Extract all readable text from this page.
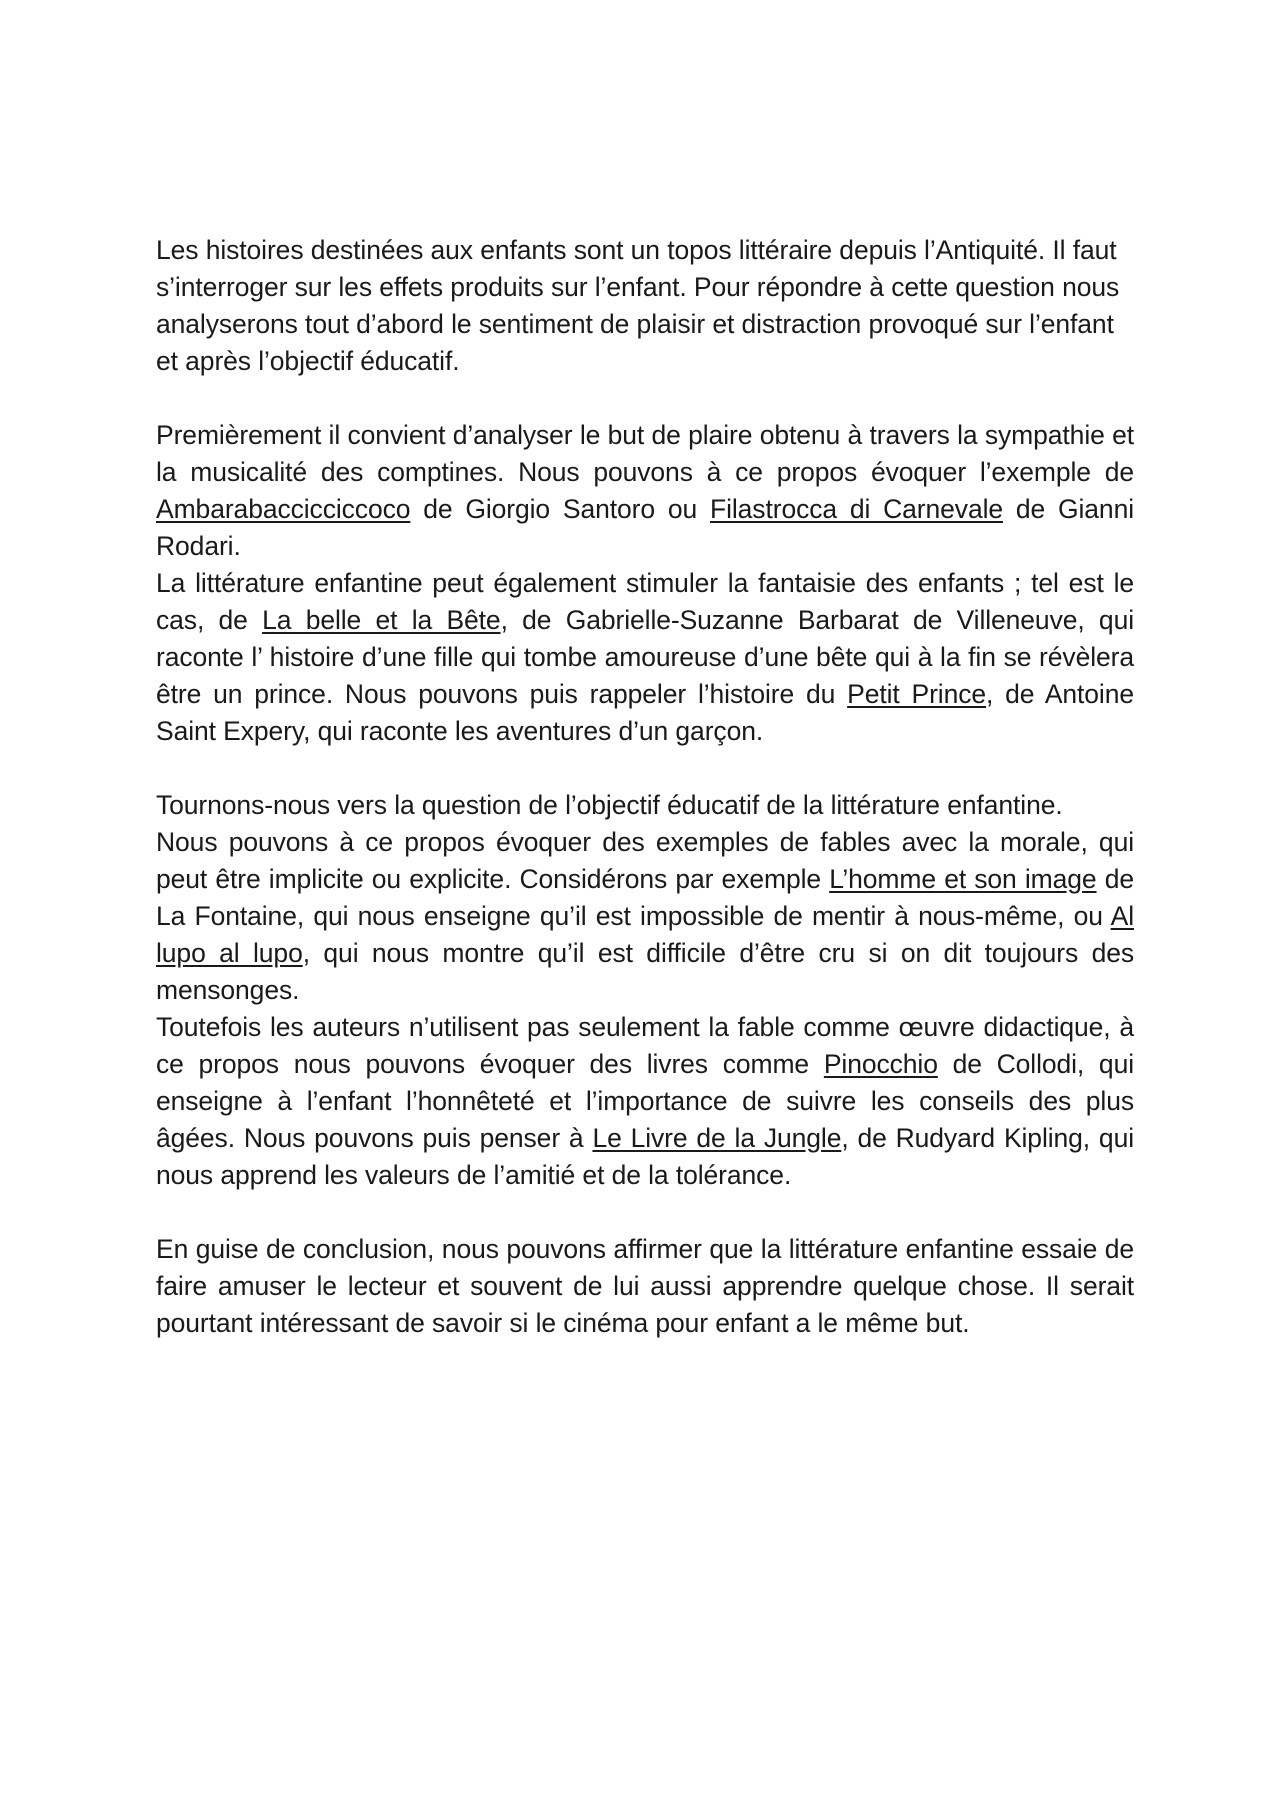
Les histoires destinées aux enfants sont un topos littéraire depuis l’Antiquité. Il faut s’interroger sur les effets produits sur l’enfant. Pour répondre à cette question nous analyserons tout d’abord le sentiment de plaisir et distraction provoqué sur l’enfant et après l’objectif éducatif.

Premièrement il convient d’analyser le but de plaire obtenu à travers la sympathie et la musicalité des comptines. Nous pouvons à ce propos évoquer l’exemple de Ambarabaccicciccoco de Giorgio Santoro ou Filastrocca di Carnevale de Gianni Rodari.

La littérature enfantine peut également stimuler la fantaisie des enfants ; tel est le cas, de La belle et la Bête, de Gabrielle-Suzanne Barbarat de Villeneuve, qui raconte l’ histoire d’une fille qui tombe amoureuse d’une bête qui à la fin se révèlera être un prince. Nous pouvons puis rappeler l’histoire du Petit Prince, de Antoine Saint Expery, qui raconte les aventures d’un garçon.

Tournons-nous vers la question de l’objectif éducatif de la littérature enfantine.

Nous pouvons à ce propos évoquer des exemples de fables avec la morale, qui peut être implicite ou explicite. Considérons par exemple L’homme et son image de La Fontaine, qui nous enseigne qu’il est impossible de mentir à nous-même, ou Al lupo al lupo, qui nous montre qu’il est difficile d’être cru si on dit toujours des mensonges.

Toutefois les auteurs n’utilisent pas seulement la fable comme œuvre didactique, à ce propos nous pouvons évoquer des livres comme Pinocchio de Collodi, qui enseigne à l’enfant l’honnêteté et l’importance de suivre les conseils des plus âgées. Nous pouvons puis penser à Le Livre de la Jungle, de Rudyard Kipling, qui nous apprend les valeurs de l’amitié et de la tolérance.

En guise de conclusion, nous pouvons affirmer que la littérature enfantine essaie de faire amuser le lecteur et souvent de lui aussi apprendre quelque chose. Il serait pourtant intéressant de savoir si le cinéma pour enfant a le même but.
